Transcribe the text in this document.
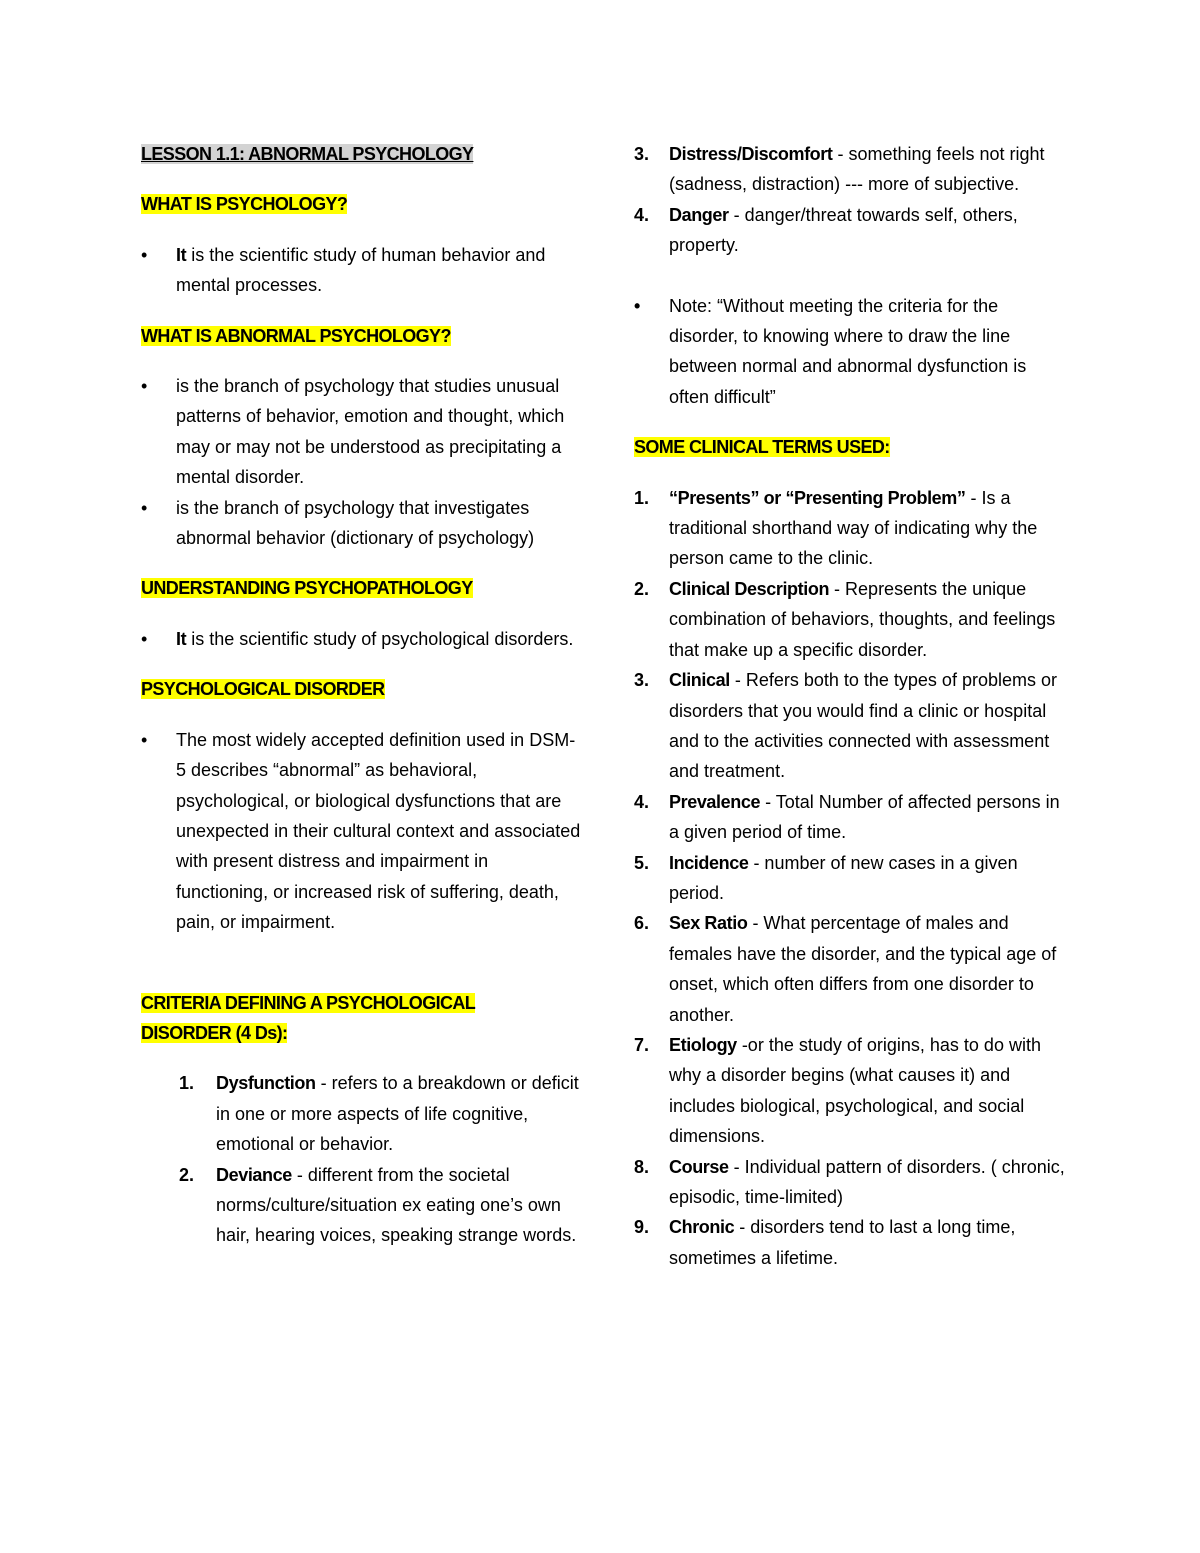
LESSON 1.1: ABNORMAL PSYCHOLOGY

WHAT IS PSYCHOLOGY?

•	It is the scientific study of human behavior and mental processes.

WHAT IS ABNORMAL PSYCHOLOGY?

•	is the branch of psychology that studies unusual patterns of behavior, emotion and thought, which may or may not be understood as precipitating a mental disorder.
•	is the branch of psychology that investigates abnormal behavior (dictionary of psychology)

UNDERSTANDING PSYCHOPATHOLOGY

•	It is the scientific study of psychological disorders.

PSYCHOLOGICAL DISORDER

•	The most widely accepted definition used in DSM-5 describes “abnormal” as behavioral, psychological, or biological dysfunctions that are unexpected in their cultural context and associated with present distress and impairment in functioning, or increased risk of suffering, death, pain, or impairment.

CRITERIA DEFINING A PSYCHOLOGICAL
DISORDER (4 Ds):

1.	Dysfunction - refers to a breakdown or deficit in one or more aspects of life cognitive, emotional or behavior.
2.	Deviance - different from the societal norms/culture/situation ex eating one’s own hair, hearing voices, speaking strange words.
3.	Distress/Discomfort - something feels not right (sadness, distraction) --- more of subjective.
4.	Danger - danger/threat towards self, others, property.
•	Note: “Without meeting the criteria for the disorder, to knowing where to draw the line between normal and abnormal dysfunction is often difficult”

SOME CLINICAL TERMS USED:

1.	“Presents” or “Presenting Problem” - Is a traditional shorthand way of indicating why the person came to the clinic.
2.	Clinical Description - Represents the unique combination of behaviors, thoughts, and feelings that make up a specific disorder.
3.	Clinical - Refers both to the types of problems or disorders that you would find a clinic or hospital and to the activities connected with assessment and treatment.
4.	Prevalence - Total Number of affected persons in a given period of time.
5.	Incidence - number of new cases in a given period.
6.	Sex Ratio - What percentage of males and females have the disorder, and the typical age of onset, which often differs from one disorder to another.
7.	Etiology -or the study of origins, has to do with why a disorder begins (what causes it) and includes biological, psychological, and social dimensions.
8.	Course - Individual pattern of disorders. ( chronic, episodic, time-limited)
9.	Chronic - disorders tend to last a long time, sometimes a lifetime.
